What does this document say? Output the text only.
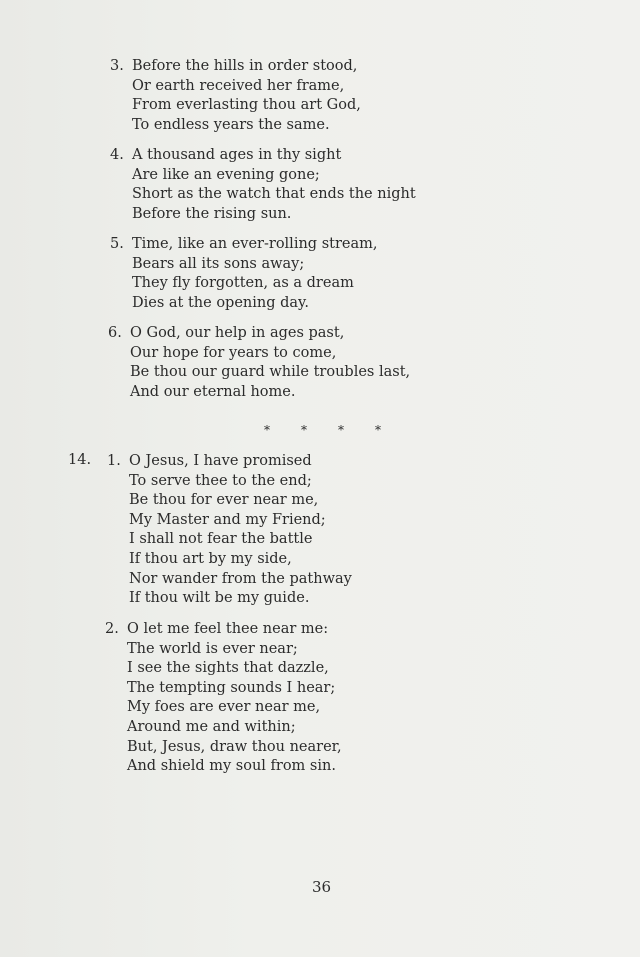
3. Before the hills in order stood,
Or earth received her frame,
From everlasting thou art God,
To endless years the same.
4. A thousand ages in thy sight
Are like an evening gone;
Short as the watch that ends the night
Before the rising sun.
5. Time, like an ever-rolling stream,
Bears all its sons away;
They fly forgotten, as a dream
Dies at the opening day.
6. O God, our help in ages past,
Our hope for years to come,
Be thou our guard while troubles last,
And our eternal home.
*	*	*	*
14. 1. O Jesus, I have promised
To serve thee to the end;
Be thou for ever near me,
My Master and my Friend;
I shall not fear the battle
If thou art by my side,
Nor wander from the pathway
If thou wilt be my guide.
2. O let me feel thee near me:
The world is ever near;
I see the sights that dazzle,
The tempting sounds I hear;
My foes are ever near me,
Around me and within;
But, Jesus, draw thou nearer,
And shield my soul from sin.
36
